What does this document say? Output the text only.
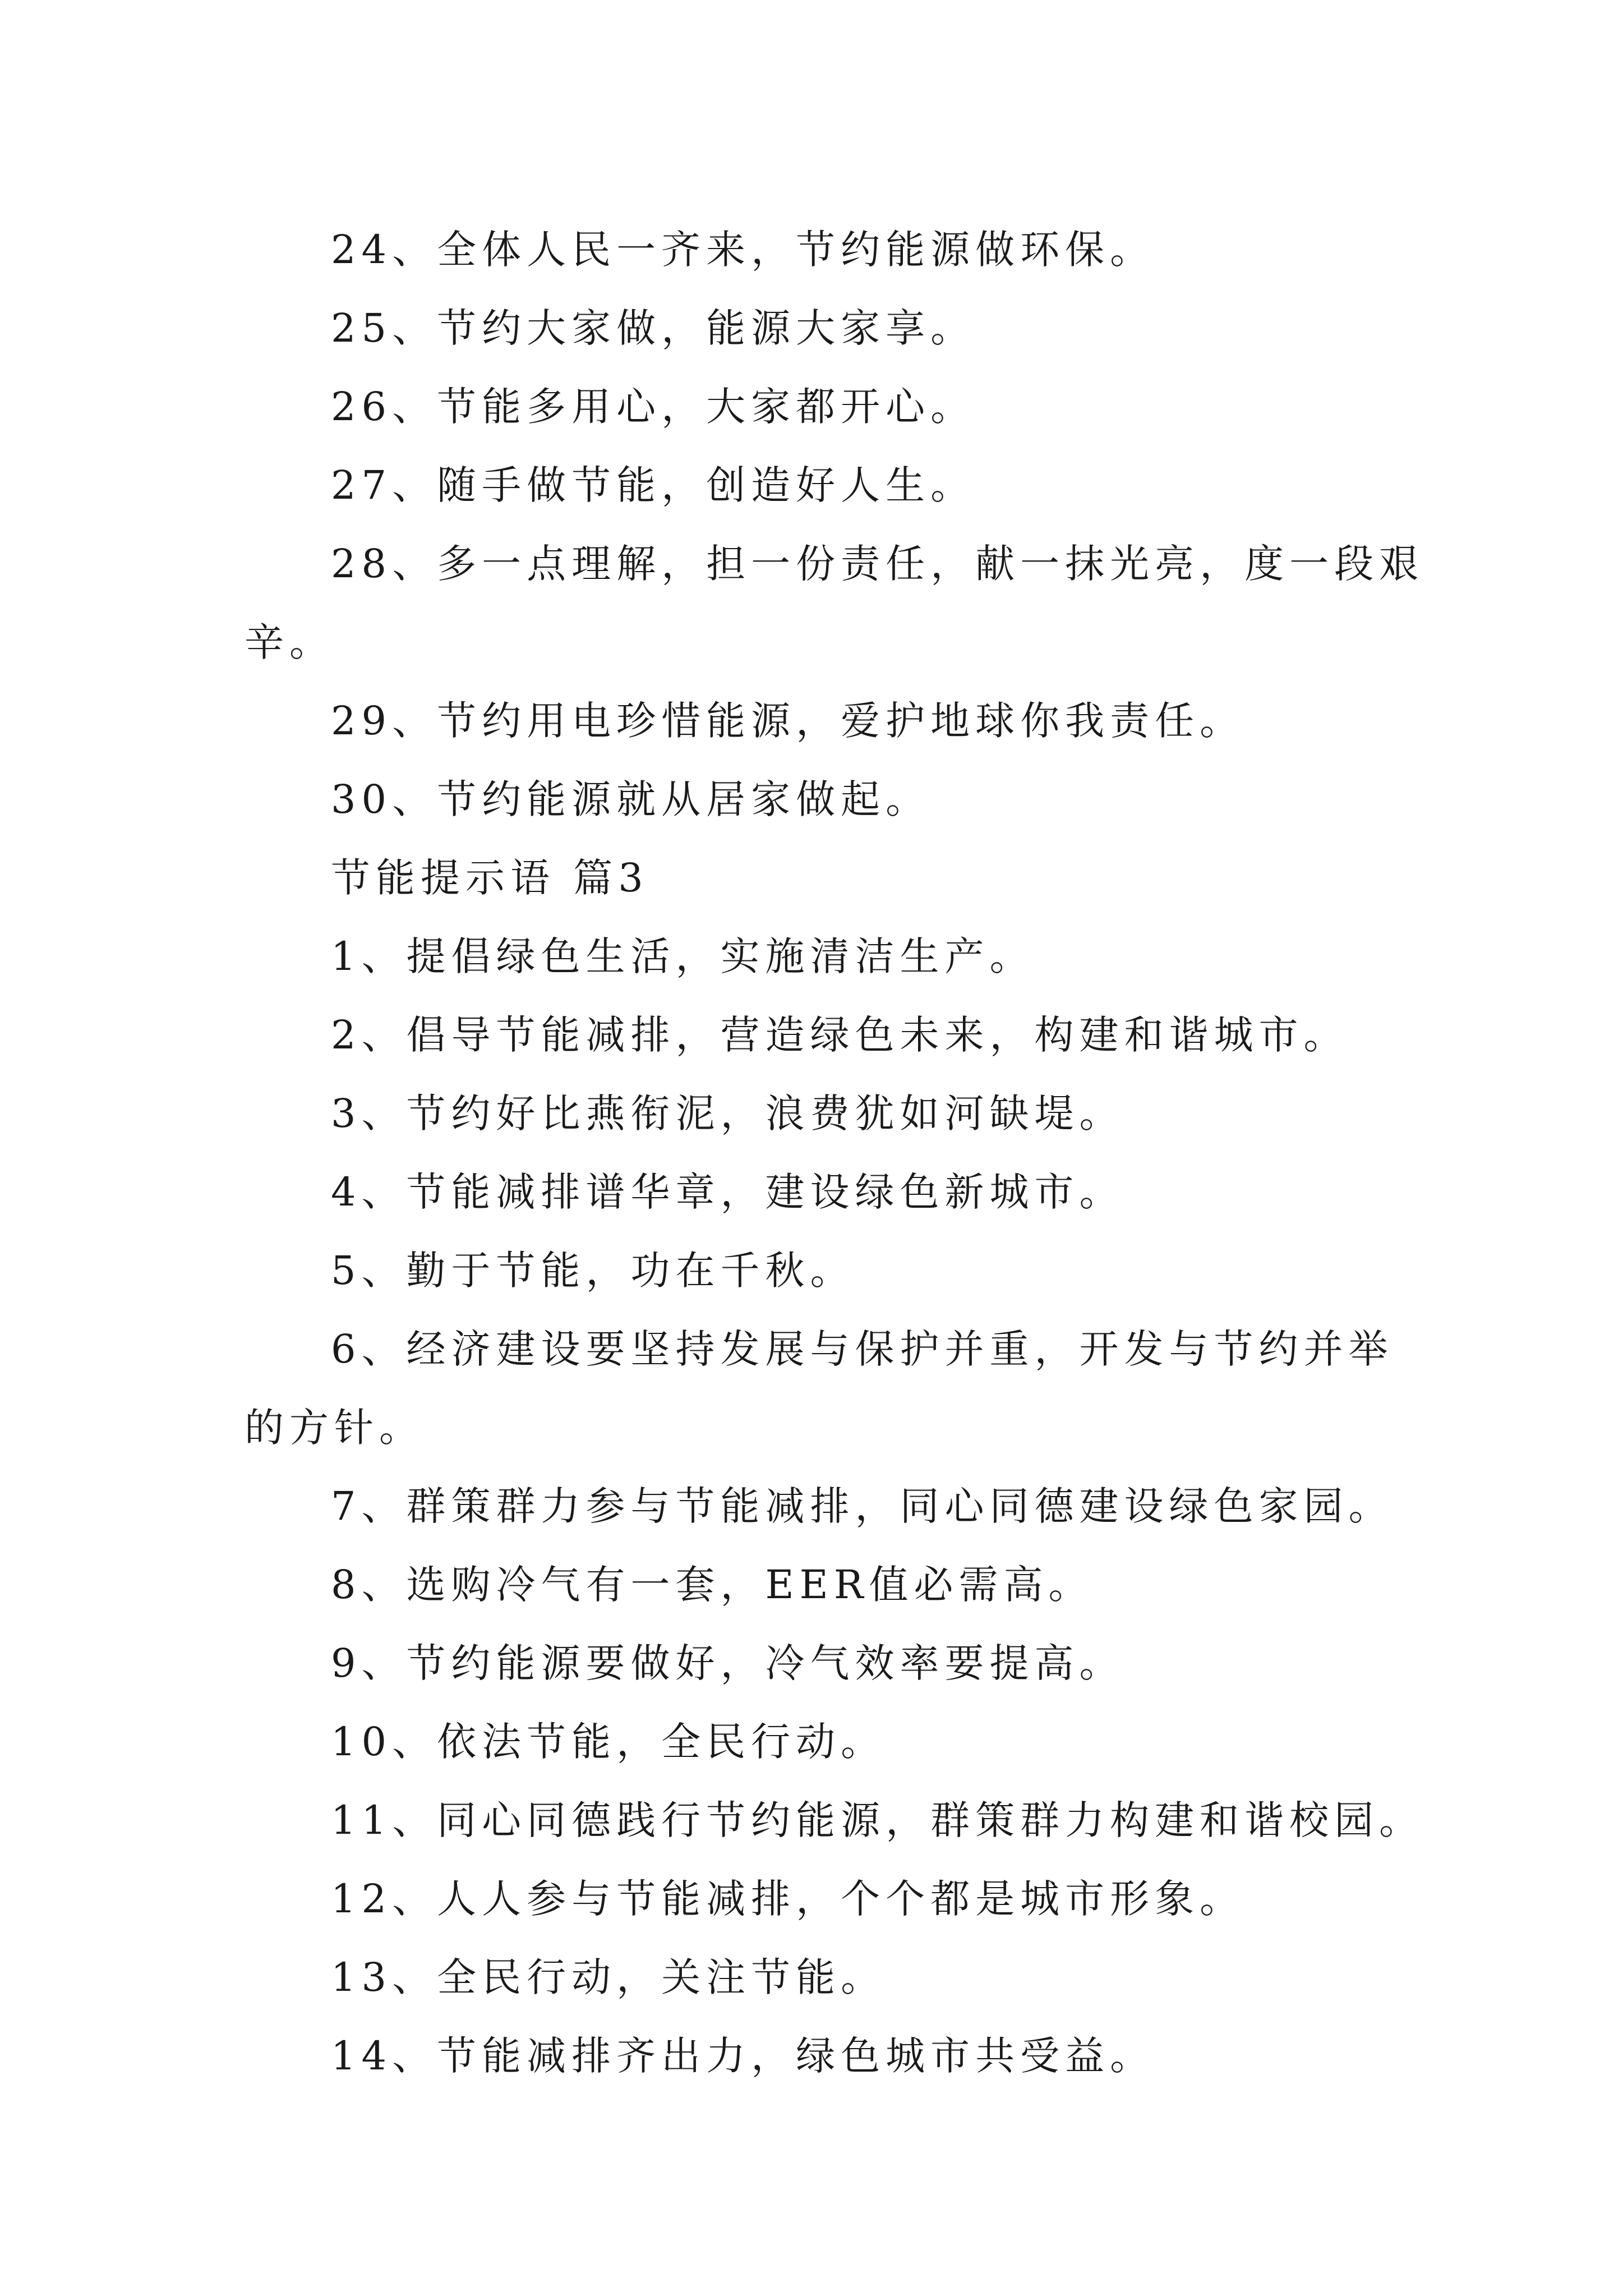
24、全体人民一齐来，节约能源做环保。
25、节约大家做，能源大家享。
26、节能多用心，大家都开心。
27、随手做节能，创造好人生。
28、多一点理解，担一份责任，献一抹光亮，度一段艰
辛。
29、节约用电珍惜能源，爱护地球你我责任。
30、节约能源就从居家做起。
节能提示语 篇3
1、提倡绿色生活，实施清洁生产。
2、倡导节能减排，营造绿色未来，构建和谐城市。
3、节约好比燕衔泥，浪费犹如河缺堤。
4、节能减排谱华章，建设绿色新城市。
5、勤于节能，功在千秋。
6、经济建设要坚持发展与保护并重，开发与节约并举
的方针。
7、群策群力参与节能减排，同心同德建设绿色家园。
8、选购冷气有一套，EER值必需高。
9、节约能源要做好，冷气效率要提高。
10、依法节能，全民行动。
11、同心同德践行节约能源，群策群力构建和谐校园。
12、人人参与节能减排，个个都是城市形象。
13、全民行动，关注节能。
14、节能减排齐出力，绿色城市共受益。
